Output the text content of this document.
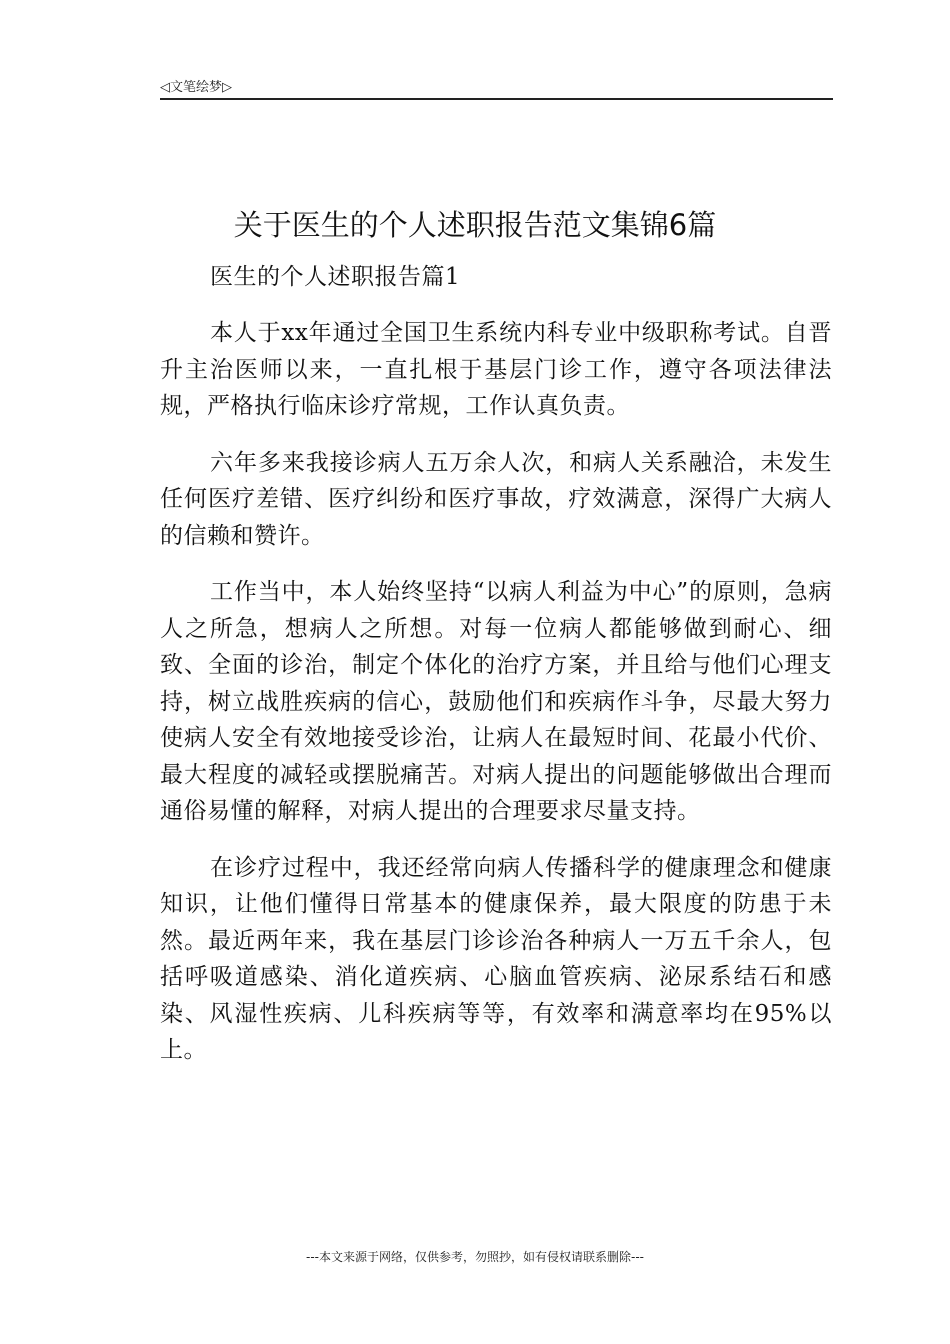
◁文笔绘梦▷
关于医生的个人述职报告范文集锦6篇

医生的个人述职报告篇1

本人于xx年通过全国卫生系统内科专业中级职称考试。自晋升主治医师以来，一直扎根于基层门诊工作，遵守各项法律法规，严格执行临床诊疗常规，工作认真负责。

六年多来我接诊病人五万余人次，和病人关系融洽，未发生任何医疗差错、医疗纠纷和医疗事故，疗效满意，深得广大病人的信赖和赞许。

工作当中，本人始终坚持“以病人利益为中心”的原则，急病人之所急，想病人之所想。对每一位病人都能够做到耐心、细致、全面的诊治，制定个体化的治疗方案，并且给与他们心理支持，树立战胜疾病的信心，鼓励他们和疾病作斗争，尽最大努力使病人安全有效地接受诊治，让病人在最短时间、花最小代价、最大程度的减轻或摆脱痛苦。对病人提出的问题能够做出合理而通俗易懂的解释，对病人提出的合理要求尽量支持。

在诊疗过程中，我还经常向病人传播科学的健康理念和健康知识，让他们懂得日常基本的健康保养，最大限度的防患于未然。最近两年来，我在基层门诊诊治各种病人一万五千余人，包括呼吸道感染、消化道疾病、心脑血管疾病、泌尿系结石和感染、风湿性疾病、儿科疾病等等，有效率和满意率均在95%以上。

---本文来源于网络，仅供参考，勿照抄，如有侵权请联系删除---
